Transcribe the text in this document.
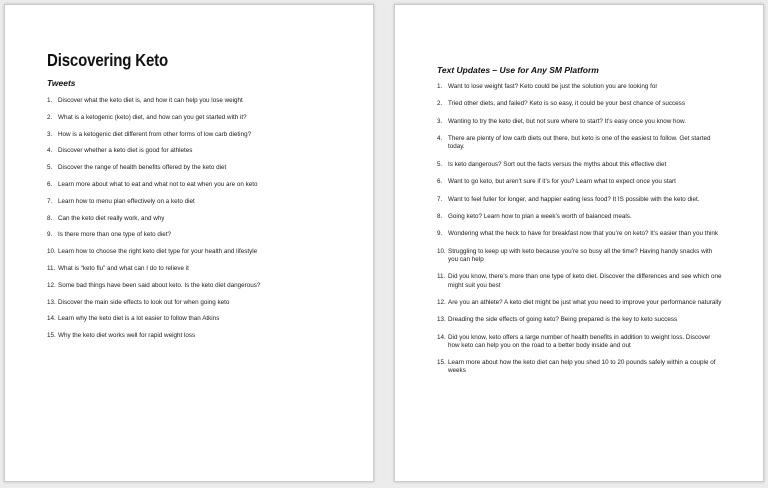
Discovering Keto
Tweets
1. Discover what the keto diet is, and how it can help you lose weight
2. What is a ketogenic (keto) diet, and how can you get started with it?
3. How is a ketogenic diet different from other forms of low carb dieting?
4. Discover whether a keto diet is good for athletes
5. Discover the range of health benefits offered by the keto diet
6. Learn more about what to eat and what not to eat when you are on keto
7. Learn how to menu plan effectively on a keto diet
8. Can the keto diet really work, and why
9. Is there more than one type of keto diet?
10. Learn how to choose the right keto diet type for your health and lifestyle
11. What is “keto flu” and what can I do to relieve it
12. Some bad things have been said about keto. Is the keto diet dangerous?
13. Discover the main side effects to look out for when going keto
14. Learn why the keto diet is a lot easier to follow than Atkins
15. Why the keto diet works well for rapid weight loss
Text Updates – Use for Any SM Platform
1. Want to lose weight fast? Keto could be just the solution you are looking for
2. Tried other diets, and failed? Keto is so easy, it could be your best chance of success
3. Wanting to try the keto diet, but not sure where to start? It’s easy once you know how.
4. There are plenty of low carb diets out there, but keto is one of the easiest to follow. Get started today.
5. Is keto dangerous? Sort out the facts versus the myths about this effective diet
6. Want to go keto, but aren’t sure if it’s for you? Learn what to expect once you start
7. Want to feel fuller for longer, and happier eating less food? It IS possible with the keto diet.
8. Going keto? Learn how to plan a week’s worth of balanced meals.
9. Wondering what the heck to have for breakfast now that you’re on keto? It’s easier than you think
10. Struggling to keep up with keto because you’re so busy all the time? Having handy snacks with you can help
11. Did you know, there’s more than one type of keto diet. Discover the differences and see which one might suit you best
12. Are you an athlete? A keto diet might be just what you need to improve your performance naturally
13. Dreading the side effects of going keto? Being prepared is the key to keto success
14. Did you know, keto offers a large number of health benefits in addition to weight loss. Discover how keto can help you on the road to a better body inside and out
15. Learn more about how the keto diet can help you shed 10 to 20 pounds safely within a couple of weeks
